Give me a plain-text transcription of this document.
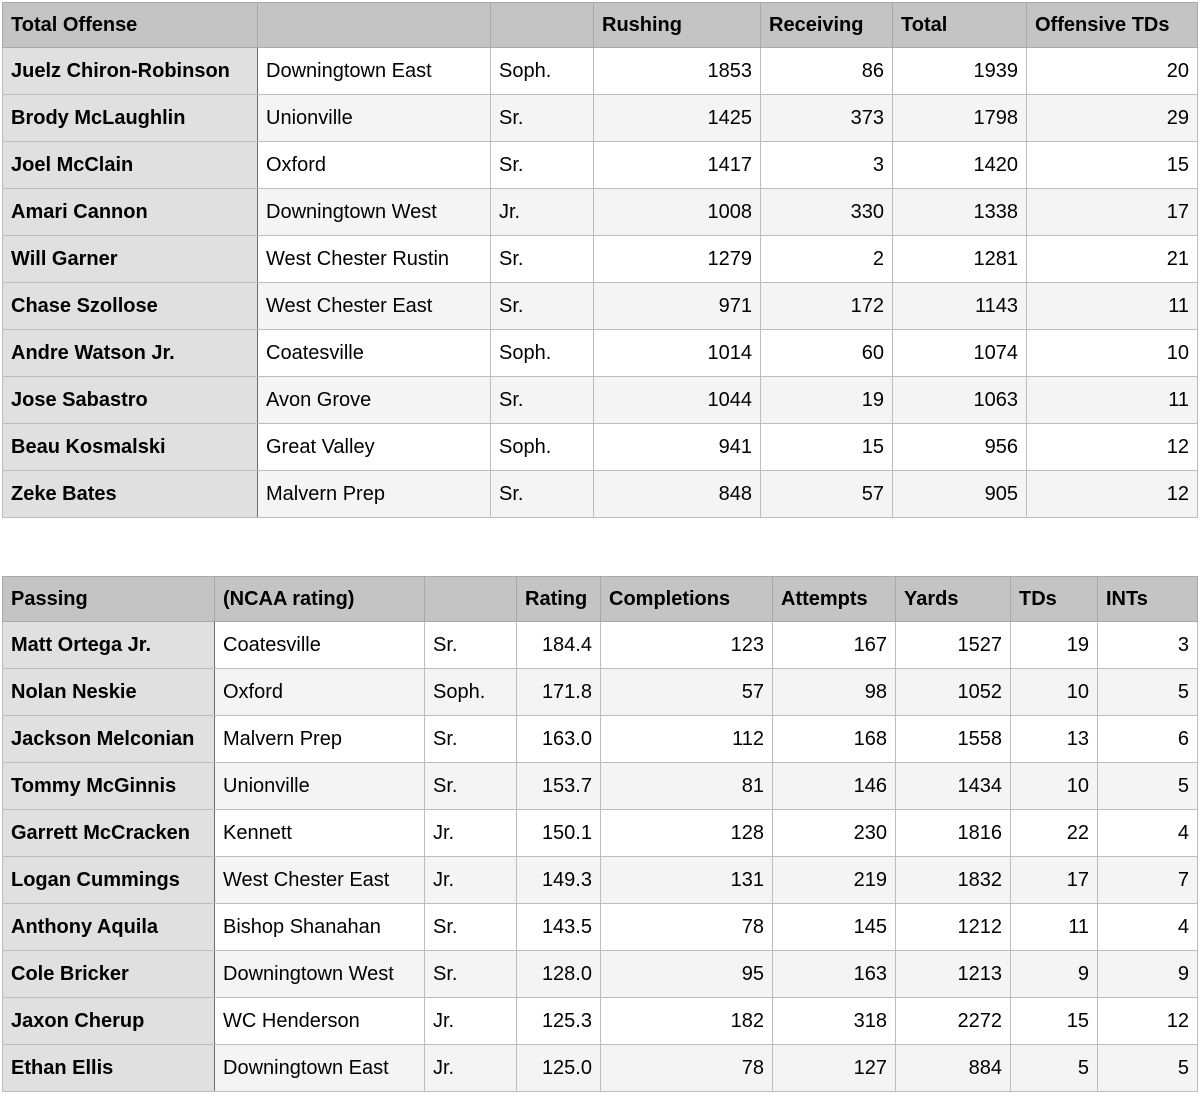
Total Offense			Rushing	Receiving	Total	Offensive TDs
Juelz Chiron-Robinson	Downingtown East	Soph.	1853	86	1939	20
Brody McLaughlin	Unionville	Sr.	1425	373	1798	29
Joel McClain	Oxford	Sr.	1417	3	1420	15
Amari Cannon	Downingtown West	Jr.	1008	330	1338	17
Will Garner	West Chester Rustin	Sr.	1279	2	1281	21
Chase Szollose	West Chester East	Sr.	971	172	1143	11
Andre Watson Jr.	Coatesville	Soph.	1014	60	1074	10
Jose Sabastro	Avon Grove	Sr.	1044	19	1063	11
Beau Kosmalski	Great Valley	Soph.	941	15	956	12
Zeke Bates	Malvern Prep	Sr.	848	57	905	12
Passing	(NCAA rating)		Rating	Completions	Attempts	Yards	TDs	INTs
Matt Ortega Jr.	Coatesville	Sr.	184.4	123	167	1527	19	3
Nolan Neskie	Oxford	Soph.	171.8	57	98	1052	10	5
Jackson Melconian	Malvern Prep	Sr.	163.0	112	168	1558	13	6
Tommy McGinnis	Unionville	Sr.	153.7	81	146	1434	10	5
Garrett McCracken	Kennett	Jr.	150.1	128	230	1816	22	4
Logan Cummings	West Chester East	Jr.	149.3	131	219	1832	17	7
Anthony Aquila	Bishop Shanahan	Sr.	143.5	78	145	1212	11	4
Cole Bricker	Downingtown West	Sr.	128.0	95	163	1213	9	9
Jaxon Cherup	WC Henderson	Jr.	125.3	182	318	2272	15	12
Ethan Ellis	Downingtown East	Jr.	125.0	78	127	884	5	5
